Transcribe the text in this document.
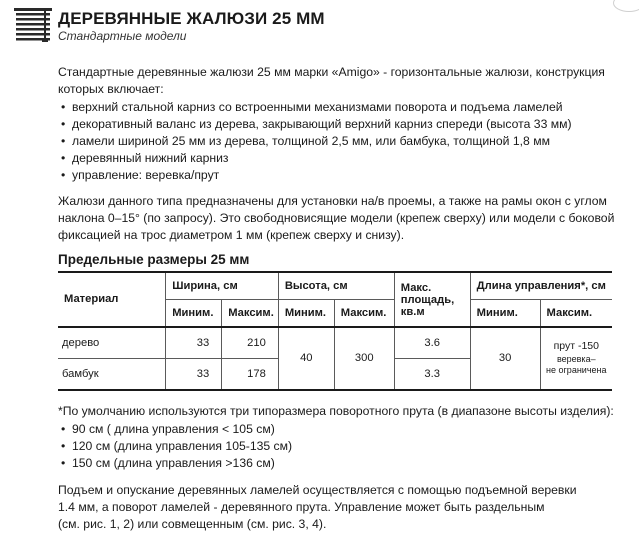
ДЕРЕВЯННЫЕ ЖАЛЮЗИ 25 ММ
Стандартные модели

Стандартные деревянные жалюзи 25 мм марки «Amigo» - горизонтальные жалюзи, конструкция которых включает:

• верхний стальной карниз со встроенными механизмами поворота и подъема ламелей
• декоративный валанс из дерева, закрывающий верхний карниз спереди (высота 33 мм)
• ламели шириной 25 мм из дерева, толщиной 2,5 мм, или бамбука, толщиной 1,8 мм
• деревянный нижний карниз
• управление: веревка/прут

Жалюзи данного типа предназначены для установки на/в проемы, а также на рамы окон с углом наклона 0–15° (по запросу). Это свободновисящие модели (крепеж сверху) или модели с боковой фиксацией на трос диаметром 1 мм (крепеж сверху и снизу).

Предельные размеры 25 мм
Материал	Ширина, см		Высота, см		Макс. площадь, кв.м	Длина управления*, см	
	Миним.	Максим.	Миним.	Максим.		Миним.	Максим.
дерево	33	210	40	300	3.6	30	прут -150
веревка–
не ограничена

бамбук	33	178			3.3		

*По умолчанию используются три типоразмера поворотного прута (в диапазоне высоты изделия):

• 90 см ( длина управления < 105 см)
• 120 см (длина управления 105-135 см)
• 150 см (длина управления >136 см)
Подъем и опускание деревянных ламелей осуществляется с помощью подъемной веревки
1.4 мм, а поворот ламелей - деревянного прута. Управление может быть раздельным
(см. рис. 1, 2) или совмещенным (см. рис. 3, 4).
